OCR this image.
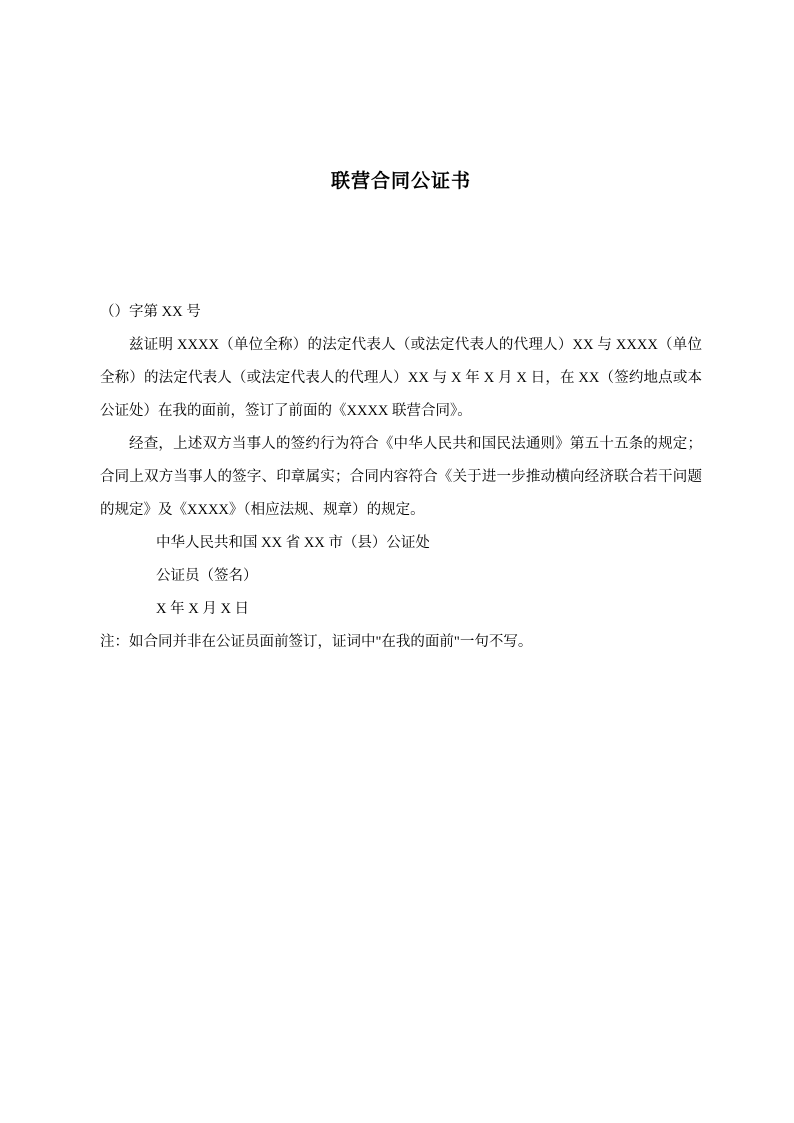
联营合同公证书

（）字第 XX 号

兹证明 XXXX（单位全称）的法定代表人（或法定代表人的代理人）XX 与 XXXX（单位全称）的法定代表人（或法定代表人的代理人）XX 与 X 年 X 月 X 日，在 XX（签约地点或本公证处）在我的面前，签订了前面的《XXXX 联营合同》。

经查，上述双方当事人的签约行为符合《中华人民共和国民法通则》第五十五条的规定；合同上双方当事人的签字、印章属实；合同内容符合《关于进一步推动横向经济联合若干问题的规定》及《XXXX》（相应法规、规章）的规定。

中华人民共和国 XX 省 XX 市（县）公证处

公证员（签名）

X 年 X 月 X 日

注：如合同并非在公证员面前签订，证词中"在我的面前"一句不写。
